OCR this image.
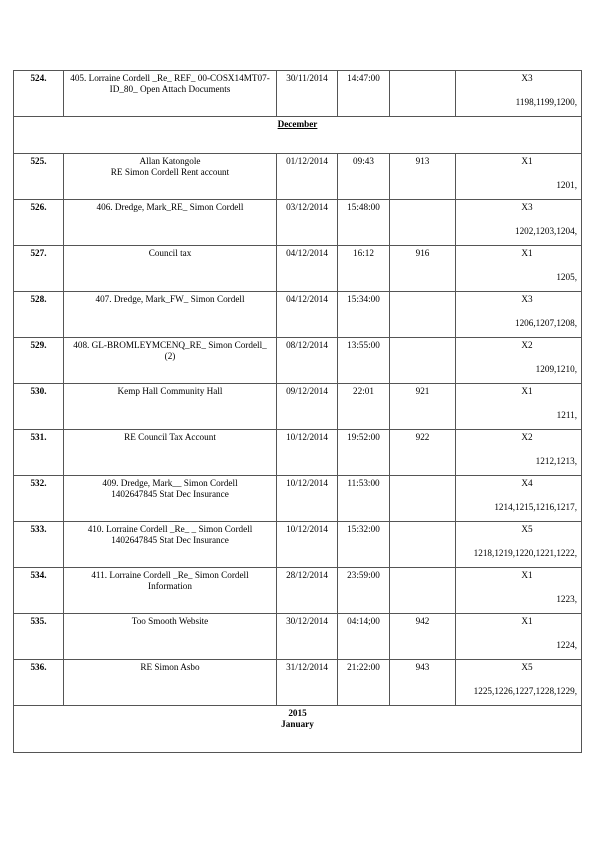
524.	405. Lorraine Cordell _Re_ REF_ 00-COSX14MT07-ID_80_ Open Attach Documents	30/11/2014	14:47:00		X3
1198,1199,1200,

December					
525.	Allan Katongole
RE Simon Cordell Rent account	01/12/2014	09:43	913	X1
1201,

526.	406. Dredge, Mark_RE_ Simon Cordell	03/12/2014	15:48:00		X3
1202,1203,1204,

527.	Council tax	04/12/2014	16:12	916	X1
1205,

528.	407. Dredge, Mark_FW_ Simon Cordell	04/12/2014	15:34:00		X3
1206,1207,1208,

529.	408. GL-BROMLEYMCENQ_RE_ Simon Cordell_ (2)	08/12/2014	13:55:00		X2
1209,1210,

530.	Kemp Hall Community Hall	09/12/2014	22:01	921	X1
1211,

531.	RE Council Tax Account	10/12/2014	19:52:00	922	X2
1212,1213,

532.	409. Dredge, Mark__ Simon Cordell
1402647845 Stat Dec Insurance	10/12/2014	11:53:00		X4
1214,1215,1216,1217,

533.	410. Lorraine Cordell _Re_ _ Simon Cordell
1402647845 Stat Dec Insurance	10/12/2014	15:32:00		X5
1218,1219,1220,1221,1222,

534.	411. Lorraine Cordell _Re_ Simon Cordell
Information	28/12/2014	23:59:00		X1
1223,

535.	Too Smooth Website	30/12/2014	04:14;00	942	X1
1224,

536.	RE Simon Asbo	31/12/2014	21:22:00	943	X5
1225,1226,1227,1228,1229,

2015
January					
